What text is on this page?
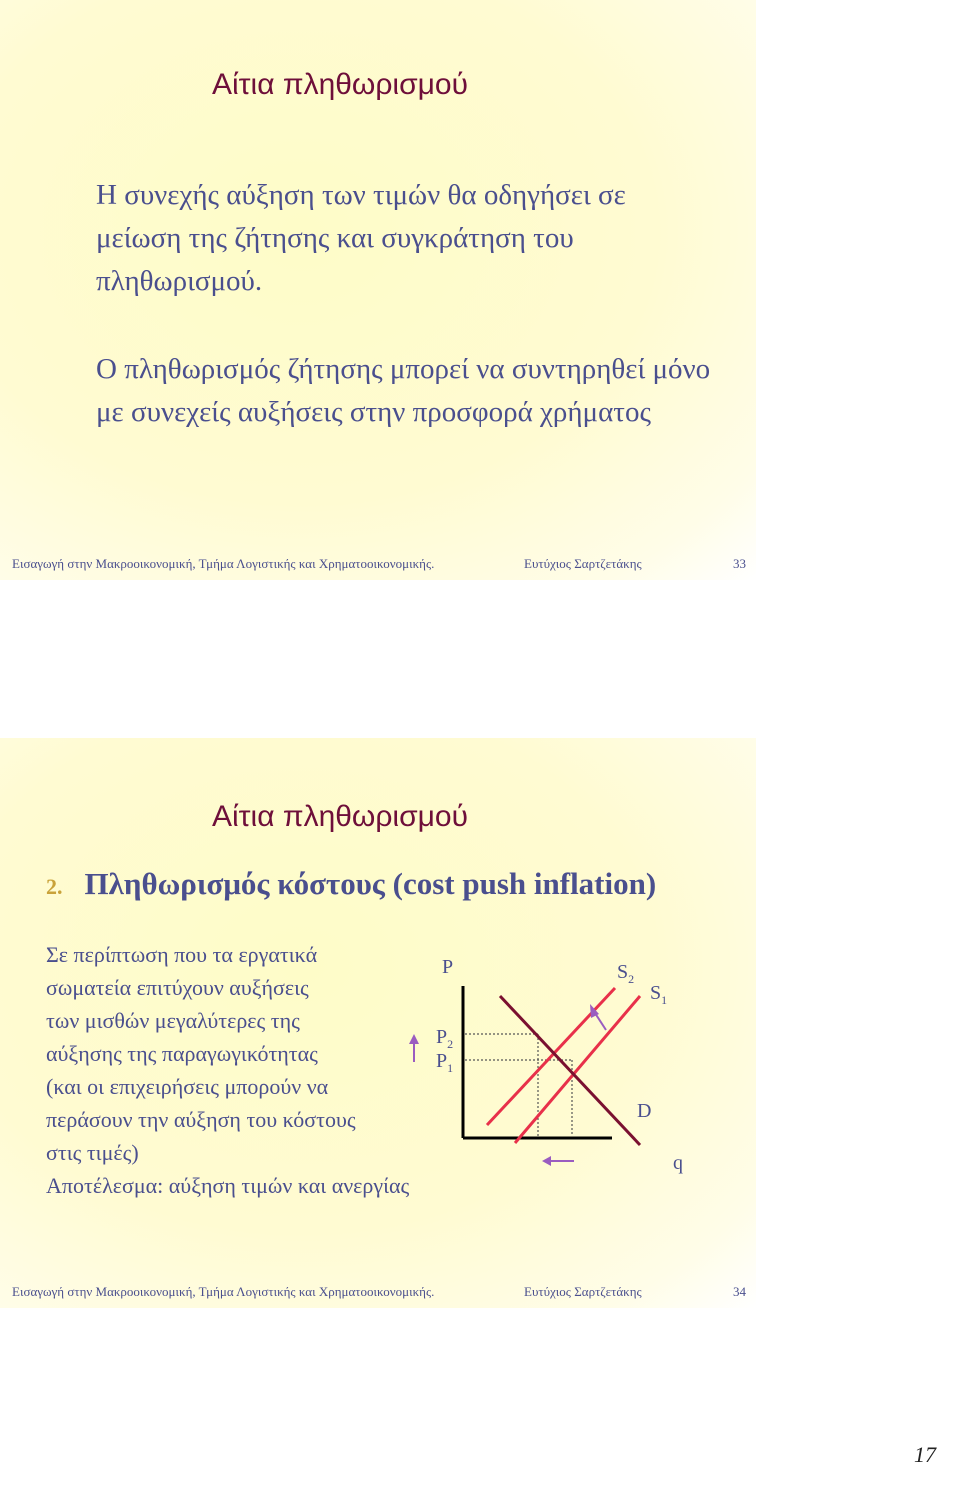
Αίτια πληθωρισμού

Η συνεχής αύξηση των τιμών θα οδηγήσει σε μείωση της ζήτησης και συγκράτηση του πληθωρισμού.

Ο πληθωρισμός ζήτησης μπορεί να συντηρηθεί μόνο με συνεχείς αυξήσεις στην προσφορά χρήματος

Εισαγωγή στην Μακροοικονομική, Τμήμα Λογιστικής και Χρηματοοικονομικής.	Ευτύχιος Σαρτζετάκης	33
Αίτια πληθωρισμού
2. Πληθωρισμός κόστους (cost push inflation)
Σε περίπτωση που τα εργατικά
σωματεία επιτύχουν αυξήσεις
των μισθών μεγαλύτερες της
αύξησης της παραγωγικότητας
(και οι επιχειρήσεις μπορούν να
περάσουν την αύξηση του κόστους
στις τιμές)
Αποτέλεσμα: αύξηση τιμών και ανεργίας
P
$P_2$
$P_1$
$S_2$
$S_1$
D
q
Εισαγωγή στην Μακροοικονομική, Τμήμα Λογιστικής και Χρηματοοικονομικής.	Ευτύχιος Σαρτζετάκης	34
17
